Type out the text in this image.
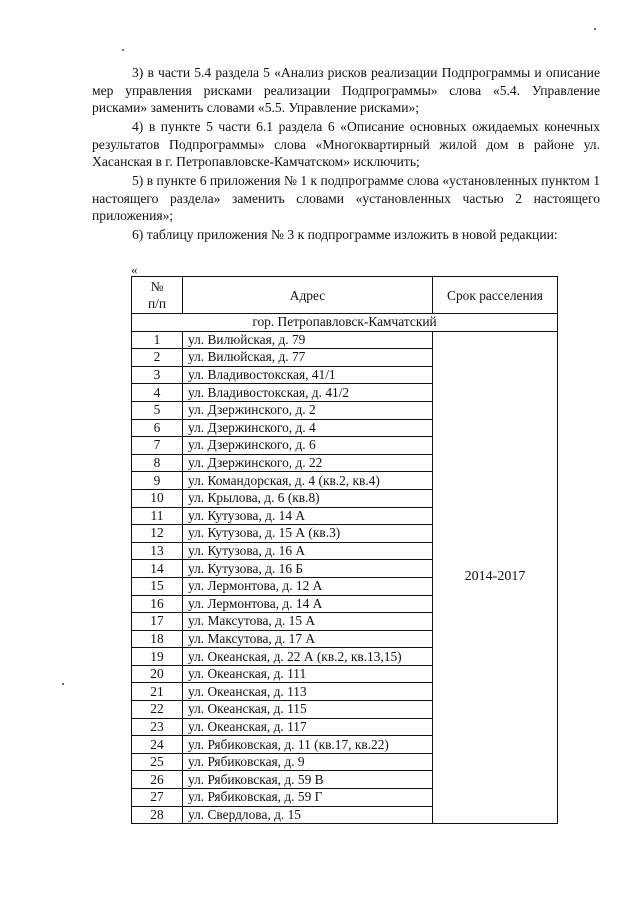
3) в части 5.4 раздела 5 «Анализ рисков реализации Подпрограммы и описание мер управления рисками реализации Подпрограммы» слова «5.4. Управление рисками» заменить словами «5.5. Управление рисками»;

4) в пункте 5 части 6.1 раздела 6 «Описание основных ожидаемых конечных результатов Подпрограммы» слова «Многоквартирный жилой дом в районе ул. Хасанская в г. Петропавловске-Камчатском» исключить;

5) в пункте 6 приложения № 1 к подпрограмме слова «установленных пунктом 1 настоящего раздела» заменить словами «установленных частью 2 настоящего приложения»;

6) таблицу приложения № 3 к подпрограмме изложить в новой редакции:

«
№
п/п	Адрес	Срок расселения
гор. Петропавловск-Камчатский		
1	ул. Вилюйская, д. 79	2014-2017
2	ул. Вилюйская, д. 77	
3	ул. Владивостокская, 41/1	
4	ул. Владивостокская, д. 41/2	
5	ул. Дзержинского, д. 2	
6	ул. Дзержинского, д. 4	
7	ул. Дзержинского, д. 6	
8	ул. Дзержинского, д. 22	
9	ул. Командорская, д. 4 (кв.2, кв.4)	
10	ул. Крылова, д. 6 (кв.8)	
11	ул. Кутузова, д. 14 А	
12	ул. Кутузова, д. 15 А (кв.3)	
13	ул. Кутузова, д. 16 А	
14	ул. Кутузова, д. 16 Б	
15	ул. Лермонтова, д. 12 А	
16	ул. Лермонтова, д. 14 А	
17	ул. Максутова, д. 15 А	
18	ул. Максутова, д. 17 А	
19	ул. Океанская, д. 22 А (кв.2, кв.13,15)	
20	ул. Океанская, д. 111	
21	ул. Океанская, д. 113	
22	ул. Океанская, д. 115	
23	ул. Океанская, д. 117	
24	ул. Рябиковская, д. 11 (кв.17, кв.22)	
25	ул. Рябиковская, д. 9	
26	ул. Рябиковская, д. 59 В	
27	ул. Рябиковская, д. 59 Г	
28	ул. Свердлова, д. 15	
